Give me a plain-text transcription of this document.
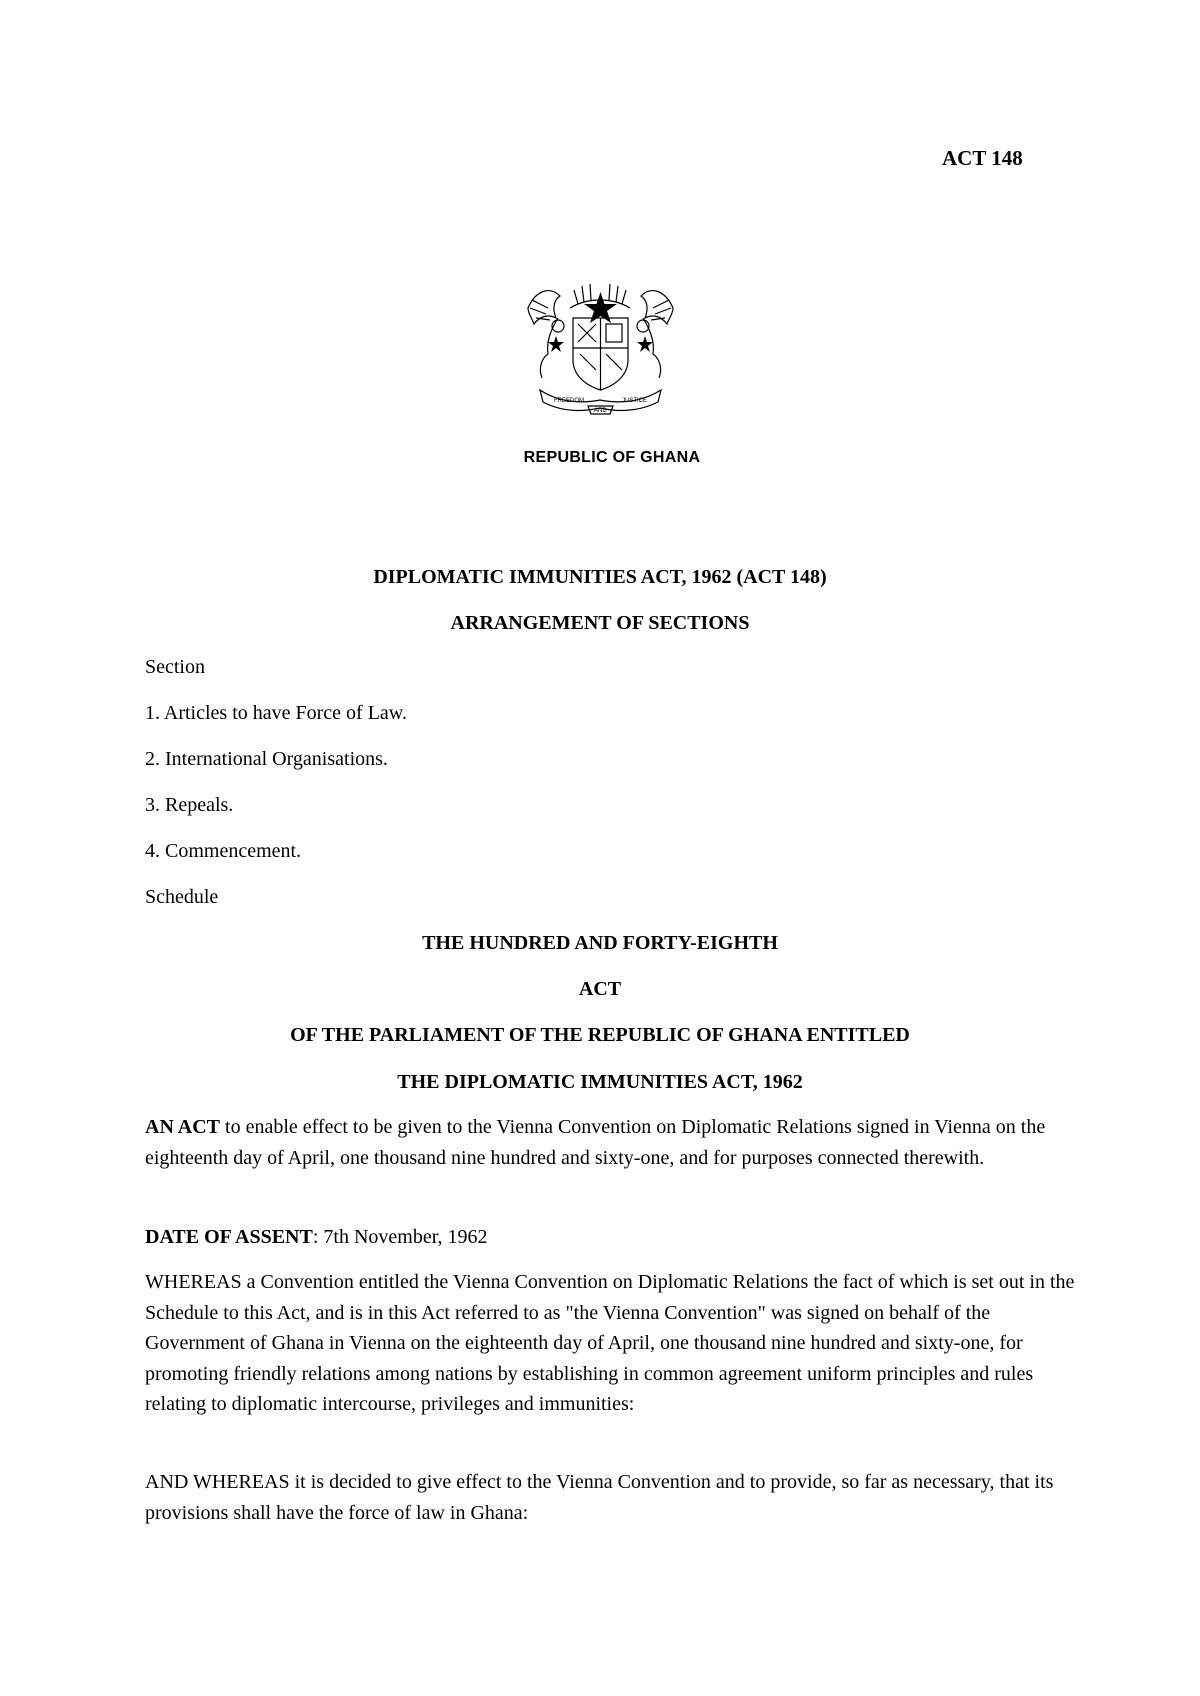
ACT 148
FREEDOM
AND
JUSTICE
REPUBLIC OF GHANA
DIPLOMATIC IMMUNITIES ACT, 1962 (ACT 148)
ARRANGEMENT OF SECTIONS
Section
1. Articles to have Force of Law.
2. International Organisations.
3. Repeals.
4. Commencement.
Schedule
THE HUNDRED AND FORTY-EIGHTH
ACT
OF THE PARLIAMENT OF THE REPUBLIC OF GHANA ENTITLED
THE DIPLOMATIC IMMUNITIES ACT, 1962
AN ACT to enable effect to be given to the Vienna Convention on Diplomatic Relations signed in Vienna on the eighteenth day of April, one thousand nine hundred and sixty-one, and for purposes connected therewith.
DATE OF ASSENT: 7th November, 1962
WHEREAS a Convention entitled the Vienna Convention on Diplomatic Relations the fact of which is set out in the Schedule to this Act, and is in this Act referred to as "the Vienna Convention" was signed on behalf of the Government of Ghana in Vienna on the eighteenth day of April, one thousand nine hundred and sixty-one, for promoting friendly relations among nations by establishing in common agreement uniform principles and rules relating to diplomatic intercourse, privileges and immunities:
AND WHEREAS it is decided to give effect to the Vienna Convention and to provide, so far as necessary, that its provisions shall have the force of law in Ghana:
